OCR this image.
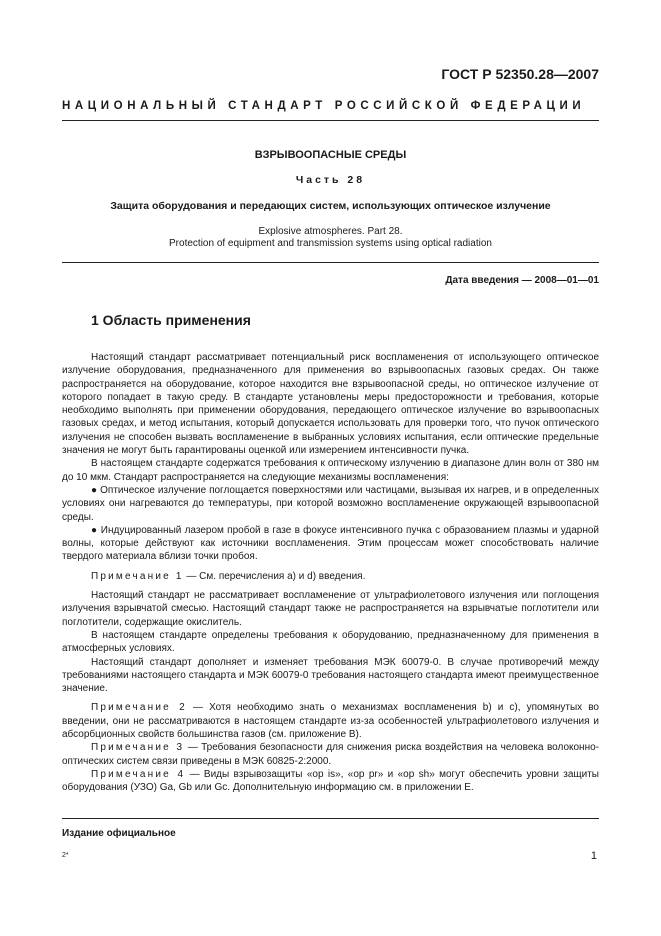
ГОСТ Р 52350.28—2007
НАЦИОНАЛЬНЫЙ СТАНДАРТ РОССИЙСКОЙ ФЕДЕРАЦИИ
ВЗРЫВООПАСНЫЕ СРЕДЫ
Часть 28
Защита оборудования и передающих систем, использующих оптическое излучение
Explosive atmospheres. Part 28.
Protection of equipment and transmission systems using optical radiation
Дата введения — 2008—01—01
1 Область применения

Настоящий стандарт рассматривает потенциальный риск воспламенения от использующего оптическое излучение оборудования, предназначенного для применения во взрывоопасных газовых средах. Он также распространяется на оборудование, которое находится вне взрывоопасной среды, но оптическое излучение от которого попадает в такую среду. В стандарте установлены меры предосторожности и требования, которые необходимо выполнять при применении оборудования, передающего оптическое излучение во взрывоопасных газовых средах, и метод испытания, который допускается использовать для проверки того, что пучок оптического излучения не способен вызвать воспламенение в выбранных условиях испытания, если оптические предельные значения не могут быть гарантированы оценкой или измерением интенсивности пучка.

В настоящем стандарте содержатся требования к оптическому излучению в диапазоне длин волн от 380 нм до 10 мкм. Стандарт распространяется на следующие механизмы воспламенения:

● Оптическое излучение поглощается поверхностями или частицами, вызывая их нагрев, и в определенных условиях они нагреваются до температуры, при которой возможно воспламенение окружающей взрывоопасной среды.

● Индуцированный лазером пробой в газе в фокусе интенсивного пучка с образованием плазмы и ударной волны, которые действуют как источники воспламенения. Этим процессам может способствовать наличие твердого материала вблизи точки пробоя.

Примечание 1 — См. перечисления а) и d) введения.

Настоящий стандарт не рассматривает воспламенение от ультрафиолетового излучения или поглощения излучения взрывчатой смесью. Настоящий стандарт также не распространяется на взрывчатые поглотители или поглотители, содержащие окислитель.

В настоящем стандарте определены требования к оборудованию, предназначенному для применения в атмосферных условиях.

Настоящий стандарт дополняет и изменяет требования МЭК 60079-0. В случае противоречий между требованиями настоящего стандарта и МЭК 60079-0 требования настоящего стандарта имеют преимущественное значение.

Примечание 2 — Хотя необходимо знать о механизмах воспламенения b) и с), упомянутых во введении, они не рассматриваются в настоящем стандарте из-за особенностей ультрафиолетового излучения и абсорбционных свойств большинства газов (см. приложение В).

Примечание 3 — Требования безопасности для снижения риска воздействия на человека волоконно-оптических систем связи приведены в МЭК 60825-2:2000.

Примечание 4 — Виды взрывозащиты «op is», «op pr» и «op sh» могут обеспечить уровни защиты оборудования (УЗО) Ga, Gb или Gc. Дополнительную информацию см. в приложении Е.

Издание официальное
2*	1
